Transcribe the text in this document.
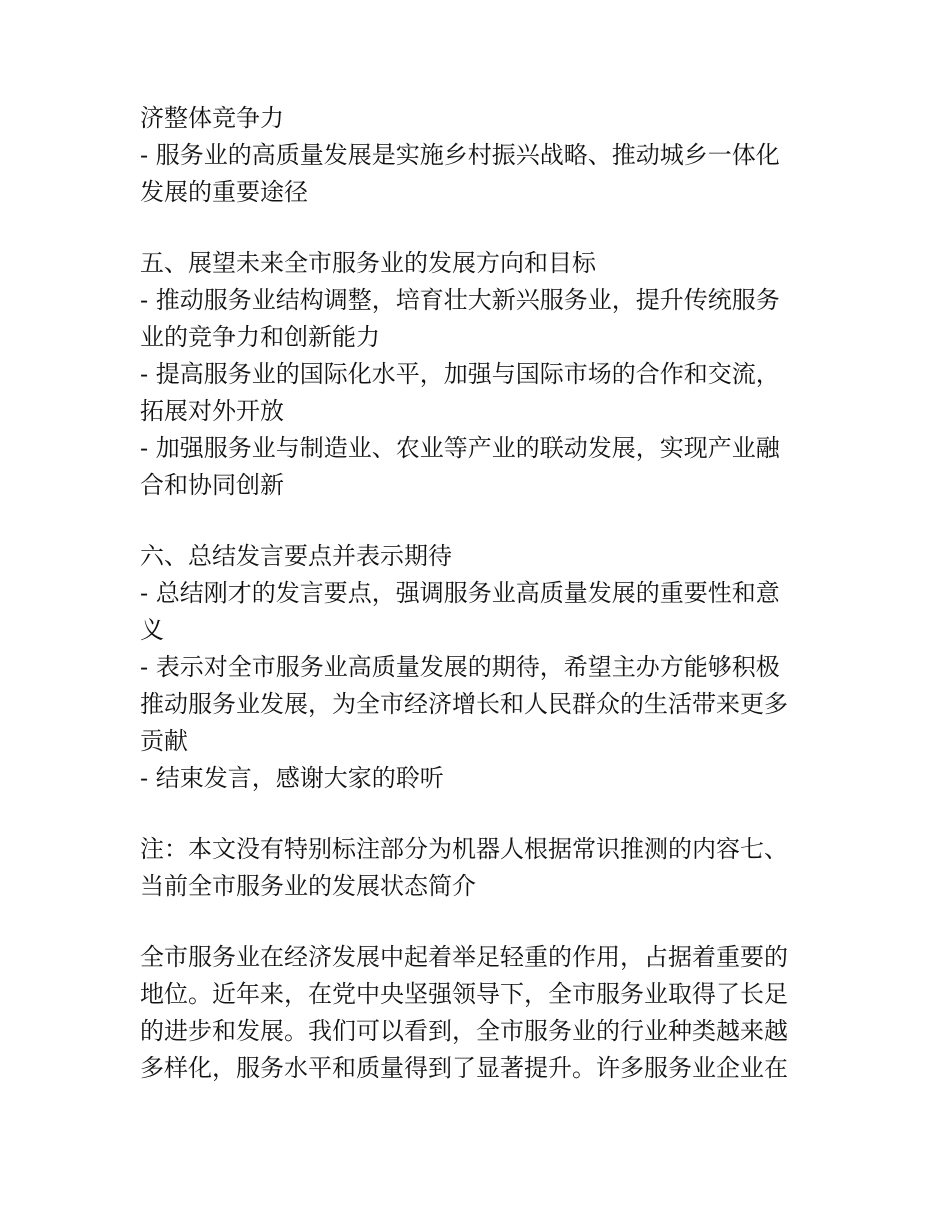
济整体竞争力
- 服务业的高质量发展是实施乡村振兴战略、推动城乡一体化
发展的重要途径
五、展望未来全市服务业的发展方向和目标
- 推动服务业结构调整，培育壮大新兴服务业，提升传统服务
业的竞争力和创新能力
- 提高服务业的国际化水平，加强与国际市场的合作和交流，
拓展对外开放
- 加强服务业与制造业、农业等产业的联动发展，实现产业融
合和协同创新
六、总结发言要点并表示期待
- 总结刚才的发言要点，强调服务业高质量发展的重要性和意
义
- 表示对全市服务业高质量发展的期待，希望主办方能够积极
推动服务业发展，为全市经济增长和人民群众的生活带来更多
贡献
- 结束发言，感谢大家的聆听
注：本文没有特别标注部分为机器人根据常识推测的内容七、
当前全市服务业的发展状态简介
全市服务业在经济发展中起着举足轻重的作用，占据着重要的
地位。近年来，在党中央坚强领导下，全市服务业取得了长足
的进步和发展。我们可以看到，全市服务业的行业种类越来越
多样化，服务水平和质量得到了显著提升。许多服务业企业在
